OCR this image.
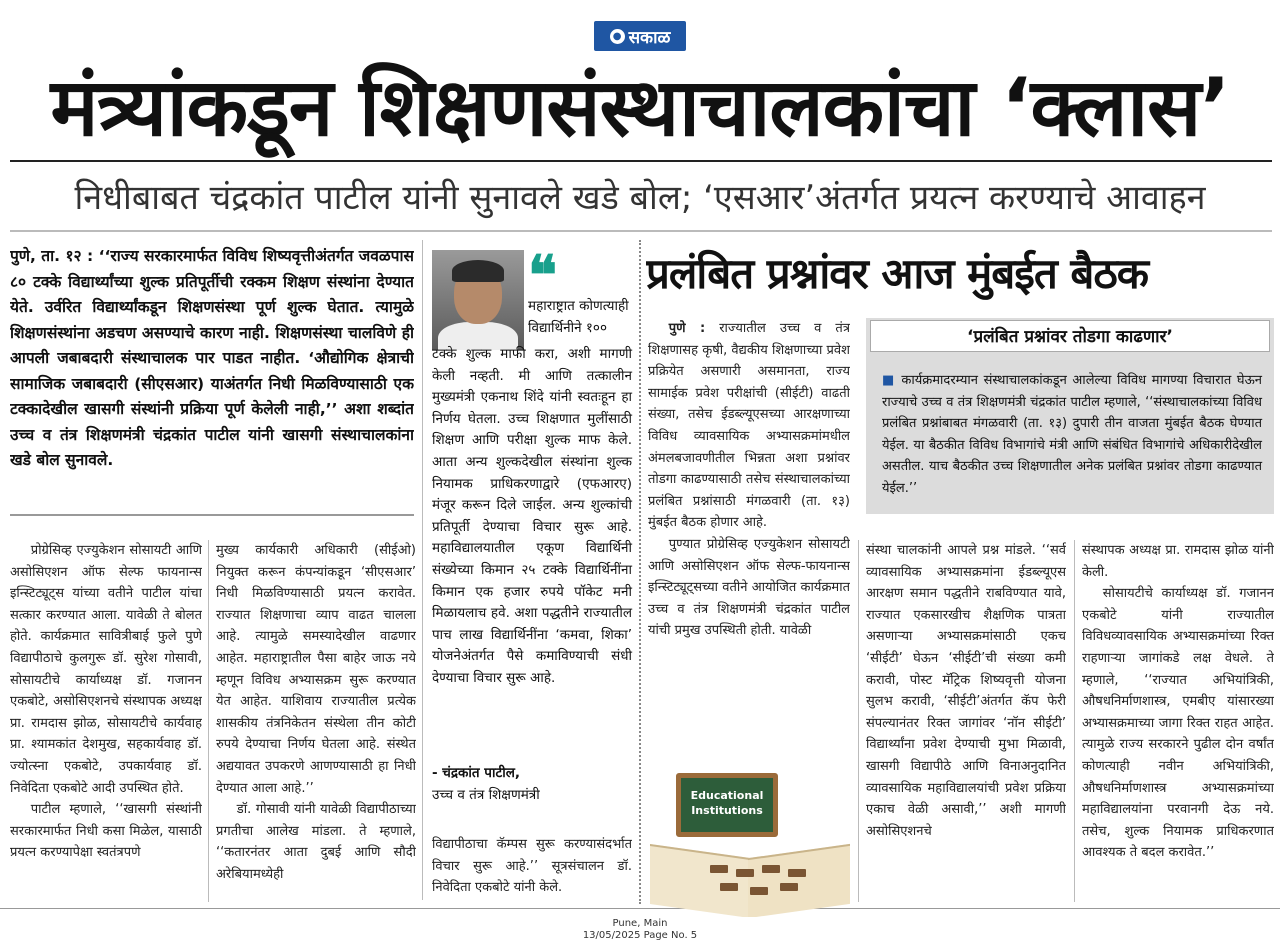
● सकाळ
मंत्र्यांकडून शिक्षणसंस्थाचालकांचा ‘क्लास’
निधीबाबत चंद्रकांत पाटील यांनी सुनावले खडे बोल; ‘एसआर’अंतर्गत प्रयत्न करण्याचे आवाहन
पुणे, ता. १२ : ‘‘राज्य सरकारमार्फत विविध शिष्यवृत्तीअंतर्गत जवळपास ८० टक्के विद्यार्थ्यांच्या शुल्क प्रतिपूर्तीची रक्कम शिक्षण संस्थांना देण्यात येते. उर्वरित विद्यार्थ्यांकडून शिक्षणसंस्था पूर्ण शुल्क घेतात. त्यामुळे शिक्षणसंस्थांना अडचण असण्याचे कारण नाही. शिक्षणसंस्था चालविणे ही आपली जबाबदारी संस्थाचालक पार पाडत नाहीत. ‘औद्योगिक क्षेत्राची सामाजिक जबाबदारी (सीएसआर) याअंतर्गत निधी मिळविण्यासाठी एक टक्कादेखील खासगी संस्थांनी प्रक्रिया पूर्ण केलेली नाही,’’ अशा शब्दांत उच्च व तंत्र शिक्षणमंत्री चंद्रकांत पाटील यांनी खासगी संस्थाचालकांना खडे बोल सुनावले.

प्रोग्रेसिव्ह एज्युकेशन सोसायटी आणि असोसिएशन ऑफ सेल्फ फायनान्स इन्स्टिट्यूट्स यांच्या वतीने पाटील यांचा सत्कार करण्यात आला. यावेळी ते बोलत होते. कार्यक्रमात सावित्रीबाई फुले पुणे विद्यापीठाचे कुलगुरू डॉ. सुरेश गोसावी, सोसायटीचे कार्याध्यक्ष डॉ. गजानन एकबोटे, असोसिएशनचे संस्थापक अध्यक्ष प्रा. रामदास झोळ, सोसायटीचे कार्यवाह प्रा. श्यामकांत देशमुख, सहकार्यवाह डॉ. ज्योत्स्ना एकबोटे, उपकार्यवाह डॉ. निवेदिता एकबोटे आदी उपस्थित होते.

पाटील म्हणाले, ‘‘खासगी संस्थांनी सरकारमार्फत निधी कसा मिळेल, यासाठी प्रयत्न करण्यापेक्षा स्वतंत्रपणे

मुख्य कार्यकारी अधिकारी (सीईओ) नियुक्त करून कंपन्यांकडून ‘सीएसआर’ निधी मिळविण्यासाठी प्रयत्न करावेत. राज्यात शिक्षणाचा व्याप वाढत चालला आहे. त्यामुळे समस्यादेखील वाढणार आहेत. महाराष्ट्रातील पैसा बाहेर जाऊ नये म्हणून विविध अभ्यासक्रम सुरू करण्यात येत आहेत. याशिवाय राज्यातील प्रत्येक शासकीय तंत्रनिकेतन संस्थेला तीन कोटी रुपये देण्याचा निर्णय घेतला आहे. संस्थेत अद्ययावत उपकरणे आणण्यासाठी हा निधी देण्यात आला आहे.’’

डॉ. गोसावी यांनी यावेळी विद्यापीठाच्या प्रगतीचा आलेख मांडला. ते म्हणाले, ‘‘कतारनंतर आता दुबई आणि सौदी अरेबियामध्येही

❝
महाराष्ट्रात कोणत्याही विद्यार्थिनीने १००
टक्के शुल्क माफी करा, अशी मागणी केली नव्हती. मी आणि तत्कालीन मुख्यमंत्री एकनाथ शिंदे यांनी स्वतःहून हा निर्णय घेतला. उच्च शिक्षणात मुलींसाठी शिक्षण आणि परीक्षा शुल्क माफ केले. आता अन्य शुल्कदेखील संस्थांना शुल्क नियामक प्राधिकरणाद्वारे (एफआरए) मंजूर करून दिले जाईल. अन्य शुल्कांची प्रतिपूर्ती देण्याचा विचार सुरू आहे. महाविद्यालयातील एकूण विद्यार्थिनी संख्येच्या किमान २५ टक्के विद्यार्थिनींना किमान एक हजार रुपये पॉकेट मनी मिळायलाच हवे. अशा पद्धतीने राज्यातील पाच लाख विद्यार्थिनींना ‘कमवा, शिका’ योजनेअंतर्गत पैसे कमाविण्याची संधी देण्याचा विचार सुरू आहे.
- चंद्रकांत पाटील,
उच्च व तंत्र शिक्षणमंत्री

विद्यापीठाचा कॅम्पस सुरू करण्यासंदर्भात विचार सुरू आहे.’’ सूत्रसंचालन डॉ. निवेदिता एकबोटे यांनी केले.

प्रलंबित प्रश्नांवर आज मुंबईत बैठक

पुणे : राज्यातील उच्च व तंत्र शिक्षणासह कृषी, वैद्यकीय शिक्षणाच्या प्रवेश प्रक्रियेत असणारी असमानता, राज्य सामाईक प्रवेश परीक्षांची (सीईटी) वाढती संख्या, तसेच ईडब्ल्यूएसच्या आरक्षणाच्या विविध व्यावसायिक अभ्यासक्रमांमधील अंमलबजावणीतील भिन्नता अशा प्रश्नांवर तोडगा काढण्यासाठी तसेच संस्थाचालकांच्या प्रलंबित प्रश्नांसाठी मंगळवारी (ता. १३) मुंबईत बैठक होणार आहे.

पुण्यात प्रोग्रेसिव्ह एज्युकेशन सोसायटी आणि असोसिएशन ऑफ सेल्फ-फायनान्स इन्स्टिट्यूट्सच्या वतीने आयोजित कार्यक्रमात उच्च व तंत्र शिक्षणमंत्री चंद्रकांत पाटील यांची प्रमुख उपस्थिती होती. यावेळी

Educational Institutions
‘प्रलंबित प्रश्नांवर तोडगा काढणार’
■ कार्यक्रमादरम्यान संस्थाचालकांकडून आलेल्या विविध मागण्या विचारात घेऊन राज्याचे उच्च व तंत्र शिक्षणमंत्री चंद्रकांत पाटील म्हणाले, ‘‘संस्थाचालकांच्या विविध प्रलंबित प्रश्नांबाबत मंगळवारी (ता. १३) दुपारी तीन वाजता मुंबईत बैठक घेण्यात येईल. या बैठकीत विविध विभागांचे मंत्री आणि संबंधित विभागांचे अधिकारीदेखील असतील. याच बैठकीत उच्च शिक्षणातील अनेक प्रलंबित प्रश्नांवर तोडगा काढण्यात येईल.’’

संस्था चालकांनी आपले प्रश्न मांडले. ‘‘सर्व व्यावसायिक अभ्यासक्रमांना ईडब्ल्यूएस आरक्षण समान पद्धतीने राबविण्यात यावे, राज्यात एकसारखीच शैक्षणिक पात्रता असणाऱ्या अभ्यासक्रमांसाठी एकच ‘सीईटी’ घेऊन ‘सीईटी’ची संख्या कमी करावी, पोस्ट मॅट्रिक शिष्यवृत्ती योजना सुलभ करावी, ‘सीईटी’अंतर्गत कॅप फेरी संपल्यानंतर रिक्त जागांवर ‘नॉन सीईटी’ विद्यार्थ्यांना प्रवेश देण्याची मुभा मिळावी, खासगी विद्यापीठे आणि विनाअनुदानित व्यावसायिक महाविद्यालयांची प्रवेश प्रक्रिया एकाच वेळी असावी,’’ अशी मागणी असोसिएशनचे

संस्थापक अध्यक्ष प्रा. रामदास झोळ यांनी केली.

सोसायटीचे कार्याध्यक्ष डॉ. गजानन एकबोटे यांनी राज्यातील विविधव्यावसायिक अभ्यासक्रमांच्या रिक्त राहणाऱ्या जागांकडे लक्ष वेधले. ते म्हणाले, ‘‘राज्यात अभियांत्रिकी, औषधनिर्माणशास्त्र, एमबीए यांसारख्या अभ्यासक्रमाच्या जागा रिक्त राहत आहेत. त्यामुळे राज्य सरकारने पुढील दोन वर्षांत कोणत्याही नवीन अभियांत्रिकी, औषधनिर्माणशास्त्र अभ्यासक्रमांच्या महाविद्यालयांना परवानगी देऊ नये. तसेच, शुल्क नियामक प्राधिकरणात आवश्यक ते बदल करावेत.’’

Pune, Main
13/05/2025 Page No. 5
